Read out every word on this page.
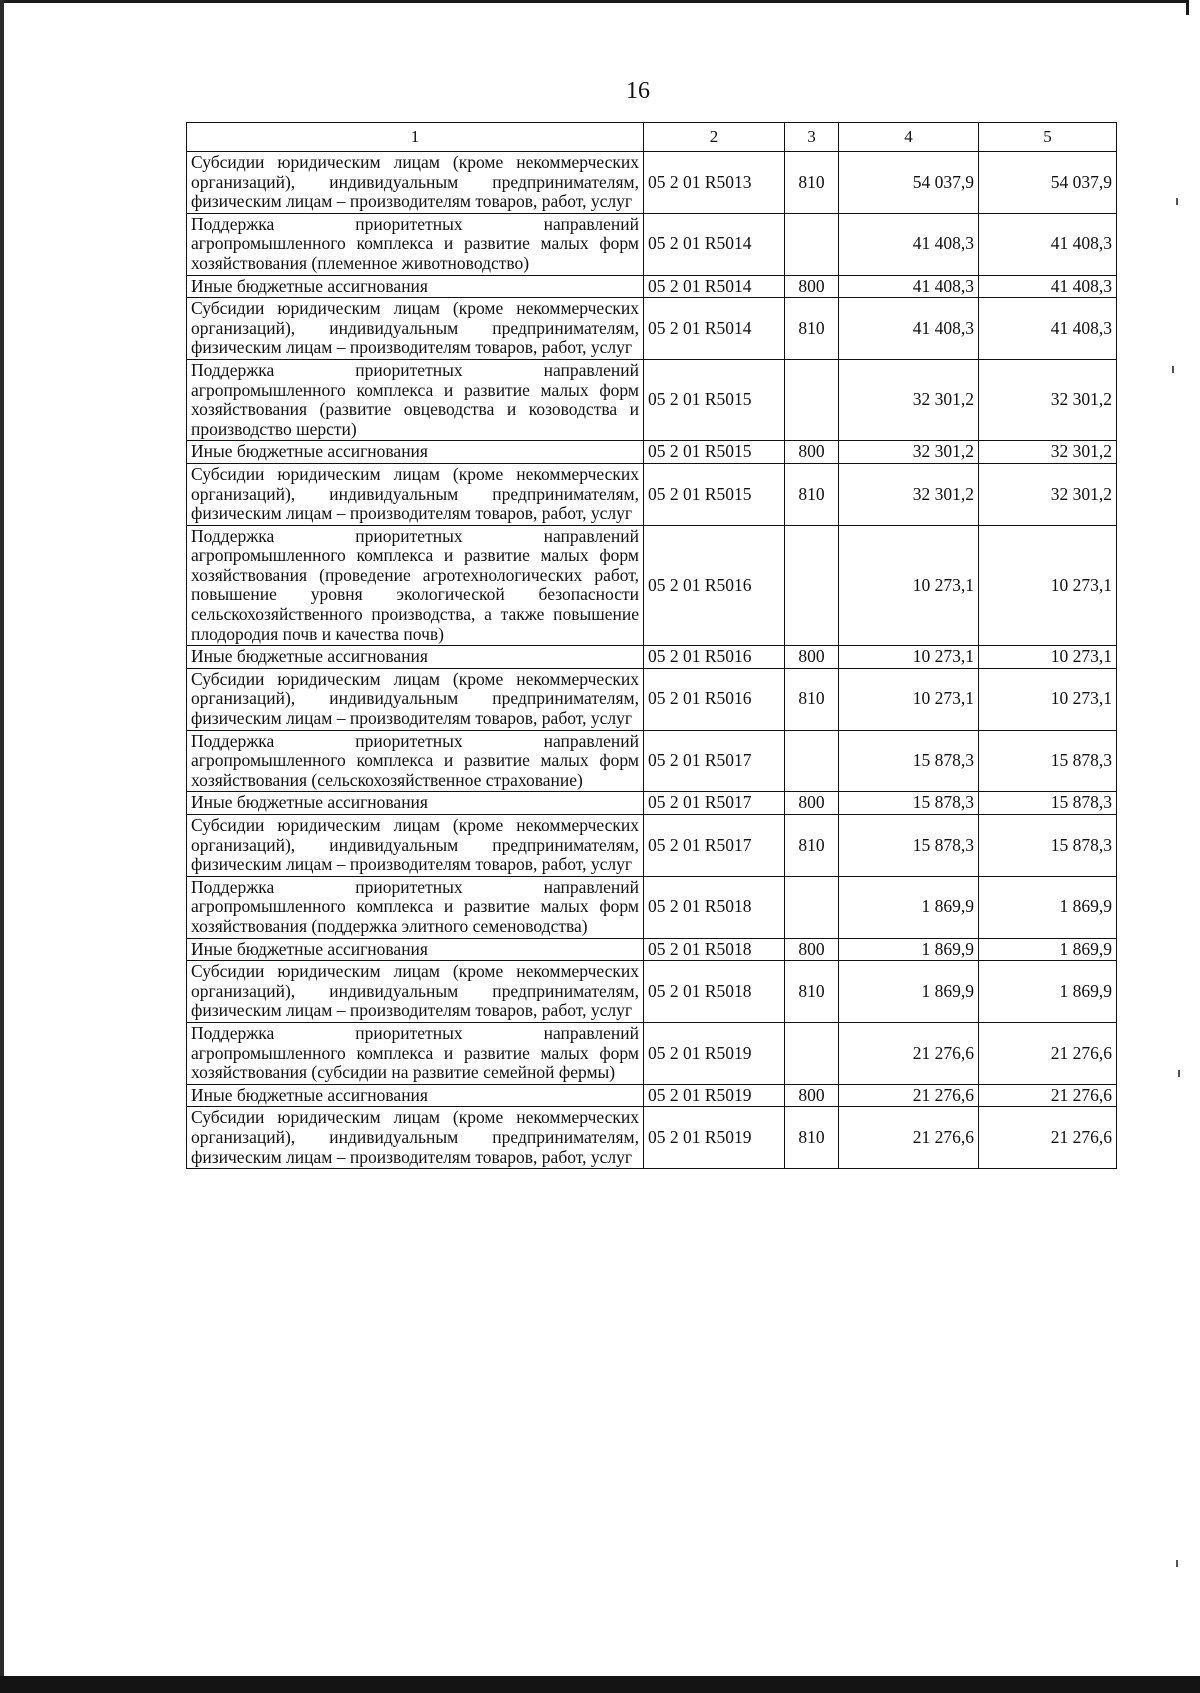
16
1	2	3	4	5
Субсидии юридическим лицам (кроме некоммерческих организаций), индивидуальным предпринимателям, физическим лицам – производителям товаров, работ, услуг	05 2 01 R5013	810	54 037,9	54 037,9
Поддержка приоритетных направлений агропромышленного комплекса и развитие малых форм хозяйствования (племенное животноводство)	05 2 01 R5014		41 408,3	41 408,3
Иные бюджетные ассигнования	05 2 01 R5014	800	41 408,3	41 408,3
Субсидии юридическим лицам (кроме некоммерческих организаций), индивидуальным предпринимателям, физическим лицам – производителям товаров, работ, услуг	05 2 01 R5014	810	41 408,3	41 408,3
Поддержка приоритетных направлений агропромышленного комплекса и развитие малых форм хозяйствования (развитие овцеводства и козоводства и производство шерсти)	05 2 01 R5015		32 301,2	32 301,2
Иные бюджетные ассигнования	05 2 01 R5015	800	32 301,2	32 301,2
Субсидии юридическим лицам (кроме некоммерческих организаций), индивидуальным предпринимателям, физическим лицам – производителям товаров, работ, услуг	05 2 01 R5015	810	32 301,2	32 301,2
Поддержка приоритетных направлений агропромышленного комплекса и развитие малых форм хозяйствования (проведение агротехнологических работ, повышение уровня экологической безопасности сельскохозяйственного производства, а также повышение плодородия почв и качества почв)	05 2 01 R5016		10 273,1	10 273,1
Иные бюджетные ассигнования	05 2 01 R5016	800	10 273,1	10 273,1
Субсидии юридическим лицам (кроме некоммерческих организаций), индивидуальным предпринимателям, физическим лицам – производителям товаров, работ, услуг	05 2 01 R5016	810	10 273,1	10 273,1
Поддержка приоритетных направлений агропромышленного комплекса и развитие малых форм хозяйствования (сельскохозяйственное страхование)	05 2 01 R5017		15 878,3	15 878,3
Иные бюджетные ассигнования	05 2 01 R5017	800	15 878,3	15 878,3
Субсидии юридическим лицам (кроме некоммерческих организаций), индивидуальным предпринимателям, физическим лицам – производителям товаров, работ, услуг	05 2 01 R5017	810	15 878,3	15 878,3
Поддержка приоритетных направлений агропромышленного комплекса и развитие малых форм хозяйствования (поддержка элитного семеноводства)	05 2 01 R5018		1 869,9	1 869,9
Иные бюджетные ассигнования	05 2 01 R5018	800	1 869,9	1 869,9
Субсидии юридическим лицам (кроме некоммерческих организаций), индивидуальным предпринимателям, физическим лицам – производителям товаров, работ, услуг	05 2 01 R5018	810	1 869,9	1 869,9
Поддержка приоритетных направлений агропромышленного комплекса и развитие малых форм хозяйствования (субсидии на развитие семейной фермы)	05 2 01 R5019		21 276,6	21 276,6
Иные бюджетные ассигнования	05 2 01 R5019	800	21 276,6	21 276,6
Субсидии юридическим лицам (кроме некоммерческих организаций), индивидуальным предпринимателям, физическим лицам – производителям товаров, работ, услуг	05 2 01 R5019	810	21 276,6	21 276,6
